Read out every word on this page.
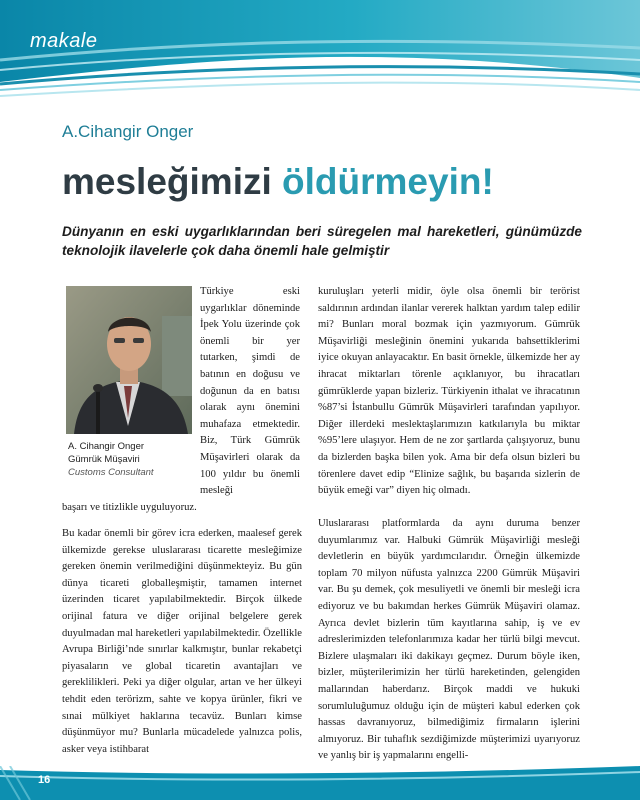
makale
A.Cihangir Onger
mesleğimizi öldürmeyin!
Dünyanın en eski uygarlıklarından beri süregelen mal hareketleri, günümüzde teknolojik ilavelerle çok daha önemli hale gelmiştir
A. Cihangir Onger
Gümrük Müşaviri
Customs Consultant

Türkiye eski uygarlıklar döneminde İpek Yolu üzerinde çok önemli bir yer tutarken, şimdi de batının en doğusu ve doğunun da en batısı olarak aynı önemini muhafaza etmektedir. Biz, Türk Gümrük Müşavirleri olarak da 100 yıldır bu önemli mesleği

başarı ve titizlikle uyguluyoruz.

Bu kadar önemli bir görev icra ederken, maalesef gerek ülkemizde gerekse uluslararası ticarette mesleğimize gereken önemin verilmediğini düşünmekteyiz. Bu gün dünya ticareti globalleşmiştir, tamamen internet üzerinden ticaret yapılabilmektedir. Birçok ülkede orijinal fatura ve diğer orijinal belgelere gerek duyulmadan mal hareketleri yapılabilmektedir. Özellikle Avrupa Birliği’nde sınırlar kalkmıştır, bunlar rekabetçi piyasaların ve global ticaretin avantajları ve gereklilikleri. Peki ya diğer olgular, artan ve her ülkeyi tehdit eden terörizm, sahte ve kopya ürünler, fikri ve sınai mülkiyet haklarına tecavüz. Bunları kimse düşünmüyor mu? Bunlarla mücadelede yalnızca polis, asker veya istihbarat

kuruluşları yeterli midir, öyle olsa önemli bir terörist saldırının ardından ilanlar vererek halktan yardım talep edilir mi? Bunları moral bozmak için yazmıyorum. Gümrük Müşavirliği mesleğinin önemini yukarıda bahsettiklerimi iyice okuyan anlayacaktır. En basit örnekle, ülkemizde her ay ihracat miktarları törenle açıklanıyor, bu ihracatları gümrüklerde yapan bizleriz. Türkiyenin ithalat ve ihracatının %87’si İstanbullu Gümrük Müşavirleri tarafından yapılıyor. Diğer illerdeki meslektaşlarımızın katkılarıyla bu miktar %95’lere ulaşıyor. Hem de ne zor şartlarda çalışıyoruz, bunu da bizlerden başka bilen yok. Ama bir defa olsun bizleri bu törenlere davet edip “Elinize sağlık, bu başarıda sizlerin de büyük emeği var” diyen hiç olmadı.

Uluslararası platformlarda da aynı duruma benzer duyumlarımız var. Halbuki Gümrük Müşavirliği mesleği devletlerin en büyük yardımcılarıdır. Örneğin ülkemizde toplam 70 milyon nüfusta yalnızca 2200 Gümrük Müşaviri var. Bu şu demek, çok mesuliyetli ve önemli bir mesleği icra ediyoruz ve bu bakımdan herkes Gümrük Müşaviri olamaz. Ayrıca devlet bizlerin tüm kayıtlarına sahip, iş ve ev adreslerimizden telefonlarımıza kadar her türlü bilgi mevcut. Bizlere ulaşmaları iki dakikayı geçmez. Durum böyle iken, bizler, müşterilerimizin her türlü hareketinden, gelengiden mallarından haberdarız. Birçok maddi ve hukuki sorumluluğumuz olduğu için de müşteri kabul ederken çok hassas davranıyoruz, bilmediğimiz firmaların işlerini almıyoruz. Bir tuhaflık sezdiğimizde müşterimizi uyarıyoruz ve yanlış bir iş yapmalarını engelli-

16
